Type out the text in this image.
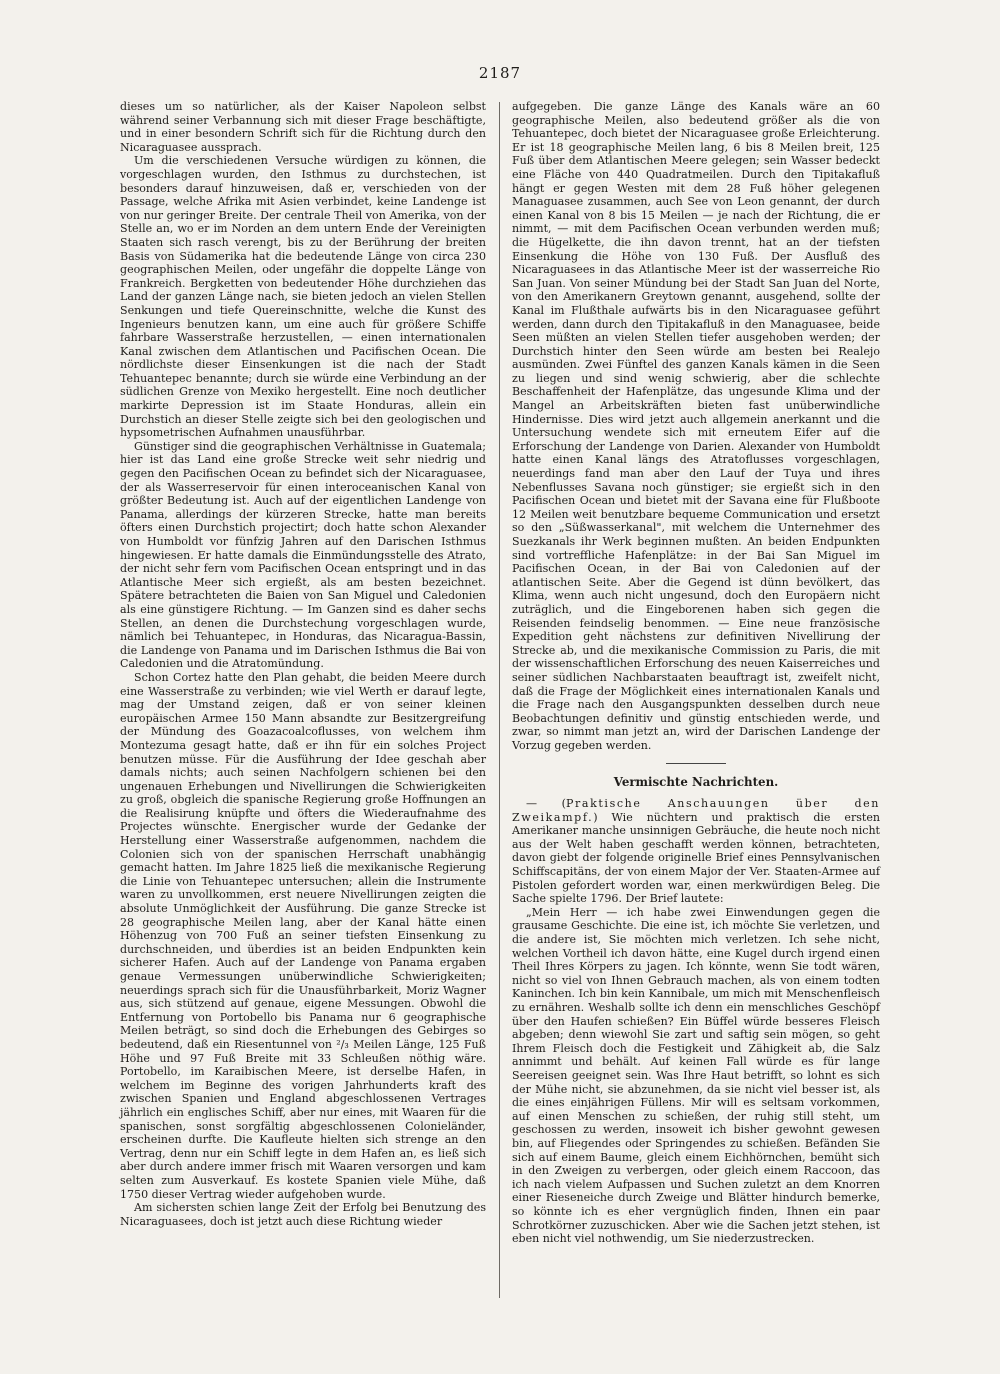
2187

dieses um so natürlicher, als der Kaiser Napoleon selbst während seiner Verbannung sich mit dieser Frage beschäftigte, und in einer besondern Schrift sich für die Richtung durch den Nicaraguasee aussprach.

Um die verschiedenen Versuche würdigen zu können, die vorgeschlagen wurden, den Isthmus zu durchstechen, ist besonders darauf hinzuweisen, daß er, verschieden von der Passage, welche Afrika mit Asien verbindet, keine Landenge ist von nur geringer Breite. Der centrale Theil von Amerika, von der Stelle an, wo er im Norden an dem untern Ende der Vereinigten Staaten sich rasch verengt, bis zu der Berührung der breiten Basis von Südamerika hat die bedeutende Länge von circa 230 geographischen Meilen, oder ungefähr die doppelte Länge von Frankreich. Bergketten von bedeutender Höhe durchziehen das Land der ganzen Länge nach, sie bieten jedoch an vielen Stellen Senkungen und tiefe Quereinschnitte, welche die Kunst des Ingenieurs benutzen kann, um eine auch für größere Schiffe fahrbare Wasserstraße herzustellen, — einen internationalen Kanal zwischen dem Atlantischen und Pacifischen Ocean. Die nördlichste dieser Einsenkungen ist die nach der Stadt Tehuantepec benannte; durch sie würde eine Verbindung an der südlichen Grenze von Mexiko hergestellt. Eine noch deutlicher markirte Depression ist im Staate Honduras, allein ein Durchstich an dieser Stelle zeigte sich bei den geologischen und hypsometrischen Aufnahmen unausführbar.

Günstiger sind die geographischen Verhältnisse in Guatemala; hier ist das Land eine große Strecke weit sehr niedrig und gegen den Pacifischen Ocean zu befindet sich der Nicaraguasee, der als Wasserreservoir für einen interoceanischen Kanal von größter Bedeutung ist. Auch auf der eigentlichen Landenge von Panama, allerdings der kürzeren Strecke, hatte man bereits öfters einen Durchstich projectirt; doch hatte schon Alexander von Humboldt vor fünfzig Jahren auf den Darischen Isthmus hingewiesen. Er hatte damals die Einmündungsstelle des Atrato, der nicht sehr fern vom Pacifischen Ocean entspringt und in das Atlantische Meer sich ergießt, als am besten bezeichnet. Spätere betrachteten die Baien von San Miguel und Caledonien als eine günstigere Richtung. — Im Ganzen sind es daher sechs Stellen, an denen die Durchstechung vorgeschlagen wurde, nämlich bei Tehuantepec, in Honduras, das Nicaragua-Bassin, die Landenge von Panama und im Darischen Isthmus die Bai von Caledonien und die Atratomündung.

Schon Cortez hatte den Plan gehabt, die beiden Meere durch eine Wasserstraße zu verbinden; wie viel Werth er darauf legte, mag der Umstand zeigen, daß er von seiner kleinen europäischen Armee 150 Mann absandte zur Besitzergreifung der Mündung des Goazacoalcoflusses, von welchem ihm Montezuma gesagt hatte, daß er ihn für ein solches Project benutzen müsse. Für die Ausführung der Idee geschah aber damals nichts; auch seinen Nachfolgern schienen bei den ungenauen Erhebungen und Nivellirungen die Schwierigkeiten zu groß, obgleich die spanische Regierung große Hoffnungen an die Realisirung knüpfte und öfters die Wiederaufnahme des Projectes wünschte. Energischer wurde der Gedanke der Herstellung einer Wasserstraße aufgenommen, nachdem die Colonien sich von der spanischen Herrschaft unabhängig gemacht hatten. Im Jahre 1825 ließ die mexikanische Regierung die Linie von Tehuantepec untersuchen; allein die Instrumente waren zu unvollkommen, erst neuere Nivellirungen zeigten die absolute Unmöglichkeit der Ausführung. Die ganze Strecke ist 28 geographische Meilen lang, aber der Kanal hätte einen Höhenzug von 700 Fuß an seiner tiefsten Einsenkung zu durchschneiden, und überdies ist an beiden Endpunkten kein sicherer Hafen. Auch auf der Landenge von Panama ergaben genaue Vermessungen unüberwindliche Schwierigkeiten; neuerdings sprach sich für die Unausführbarkeit, Moriz Wagner aus, sich stützend auf genaue, eigene Messungen. Obwohl die Entfernung von Portobello bis Panama nur 6 geographische Meilen beträgt, so sind doch die Erhebungen des Gebirges so bedeutend, daß ein Riesentunnel von ²/₃ Meilen Länge, 125 Fuß Höhe und 97 Fuß Breite mit 33 Schleußen nöthig wäre. Portobello, im Karaibischen Meere, ist derselbe Hafen, in welchem im Beginne des vorigen Jahrhunderts kraft des zwischen Spanien und England abgeschlossenen Vertrages jährlich ein englisches Schiff, aber nur eines, mit Waaren für die spanischen, sonst sorgfältig abgeschlossenen Colonieländer, erscheinen durfte. Die Kaufleute hielten sich strenge an den Vertrag, denn nur ein Schiff legte in dem Hafen an, es ließ sich aber durch andere immer frisch mit Waaren versorgen und kam selten zum Ausverkauf. Es kostete Spanien viele Mühe, daß 1750 dieser Vertrag wieder aufgehoben wurde.

Am sichersten schien lange Zeit der Erfolg bei Benutzung des Nicaraguasees, doch ist jetzt auch diese Richtung wieder

aufgegeben. Die ganze Länge des Kanals wäre an 60 geographische Meilen, also bedeutend größer als die von Tehuantepec, doch bietet der Nicaraguasee große Erleichterung. Er ist 18 geographische Meilen lang, 6 bis 8 Meilen breit, 125 Fuß über dem Atlantischen Meere gelegen; sein Wasser bedeckt eine Fläche von 440 Quadratmeilen. Durch den Tipitakafluß hängt er gegen Westen mit dem 28 Fuß höher gelegenen Managuasee zusammen, auch See von Leon genannt, der durch einen Kanal von 8 bis 15 Meilen — je nach der Richtung, die er nimmt, — mit dem Pacifischen Ocean verbunden werden muß; die Hügelkette, die ihn davon trennt, hat an der tiefsten Einsenkung die Höhe von 130 Fuß. Der Ausfluß des Nicaraguasees in das Atlantische Meer ist der wasserreiche Rio San Juan. Von seiner Mündung bei der Stadt San Juan del Norte, von den Amerikanern Greytown genannt, ausgehend, sollte der Kanal im Flußthale aufwärts bis in den Nicaraguasee geführt werden, dann durch den Tipitakafluß in den Managuasee, beide Seen müßten an vielen Stellen tiefer ausgehoben werden; der Durchstich hinter den Seen würde am besten bei Realejo ausmünden. Zwei Fünftel des ganzen Kanals kämen in die Seen zu liegen und sind wenig schwierig, aber die schlechte Beschaffenheit der Hafenplätze, das ungesunde Klima und der Mangel an Arbeitskräften bieten fast unüberwindliche Hindernisse. Dies wird jetzt auch allgemein anerkannt und die Untersuchung wendete sich mit erneutem Eifer auf die Erforschung der Landenge von Darien. Alexander von Humboldt hatte einen Kanal längs des Atratoflusses vorgeschlagen, neuerdings fand man aber den Lauf der Tuya und ihres Nebenflusses Savana noch günstiger; sie ergießt sich in den Pacifischen Ocean und bietet mit der Savana eine für Flußboote 12 Meilen weit benutzbare bequeme Communication und ersetzt so den „Süßwasserkanal", mit welchem die Unternehmer des Suezkanals ihr Werk beginnen mußten. An beiden Endpunkten sind vortreffliche Hafenplätze: in der Bai San Miguel im Pacifischen Ocean, in der Bai von Caledonien auf der atlantischen Seite. Aber die Gegend ist dünn bevölkert, das Klima, wenn auch nicht ungesund, doch den Europäern nicht zuträglich, und die Eingeborenen haben sich gegen die Reisenden feindselig benommen. — Eine neue französische Expedition geht nächstens zur definitiven Nivellirung der Strecke ab, und die mexikanische Commission zu Paris, die mit der wissenschaftlichen Erforschung des neuen Kaiserreiches und seiner südlichen Nachbarstaaten beauftragt ist, zweifelt nicht, daß die Frage der Möglichkeit eines internationalen Kanals und die Frage nach den Ausgangspunkten desselben durch neue Beobachtungen definitiv und günstig entschieden werde, und zwar, so nimmt man jetzt an, wird der Darischen Landenge der Vorzug gegeben werden.

Vermischte Nachrichten.

— (Praktische Anschauungen über den Zweikampf.) Wie nüchtern und praktisch die ersten Amerikaner manche unsinnigen Gebräuche, die heute noch nicht aus der Welt haben geschafft werden können, betrachteten, davon giebt der folgende originelle Brief eines Pennsylvanischen Schiffscapitäns, der von einem Major der Ver. Staaten-Armee auf Pistolen gefordert worden war, einen merkwürdigen Beleg. Die Sache spielte 1796. Der Brief lautete:

„Mein Herr — ich habe zwei Einwendungen gegen die grausame Geschichte. Die eine ist, ich möchte Sie verletzen, und die andere ist, Sie möchten mich verletzen. Ich sehe nicht, welchen Vortheil ich davon hätte, eine Kugel durch irgend einen Theil Ihres Körpers zu jagen. Ich könnte, wenn Sie todt wären, nicht so viel von Ihnen Gebrauch machen, als von einem todten Kaninchen. Ich bin kein Kannibale, um mich mit Menschenfleisch zu ernähren. Weshalb sollte ich denn ein menschliches Geschöpf über den Haufen schießen? Ein Büffel würde besseres Fleisch abgeben; denn wiewohl Sie zart und saftig sein mögen, so geht Ihrem Fleisch doch die Festigkeit und Zähigkeit ab, die Salz annimmt und behält. Auf keinen Fall würde es für lange Seereisen geeignet sein. Was Ihre Haut betrifft, so lohnt es sich der Mühe nicht, sie abzunehmen, da sie nicht viel besser ist, als die eines einjährigen Füllens. Mir will es seltsam vorkommen, auf einen Menschen zu schießen, der ruhig still steht, um geschossen zu werden, insoweit ich bisher gewohnt gewesen bin, auf Fliegendes oder Springendes zu schießen. Befänden Sie sich auf einem Baume, gleich einem Eichhörnchen, bemüht sich in den Zweigen zu verbergen, oder gleich einem Raccoon, das ich nach vielem Aufpassen und Suchen zuletzt an dem Knorren einer Rieseneiche durch Zweige und Blätter hindurch bemerke, so könnte ich es eher vergnüglich finden, Ihnen ein paar Schrotkörner zuzuschicken. Aber wie die Sachen jetzt stehen, ist eben nicht viel nothwendig, um Sie niederzustrecken.
